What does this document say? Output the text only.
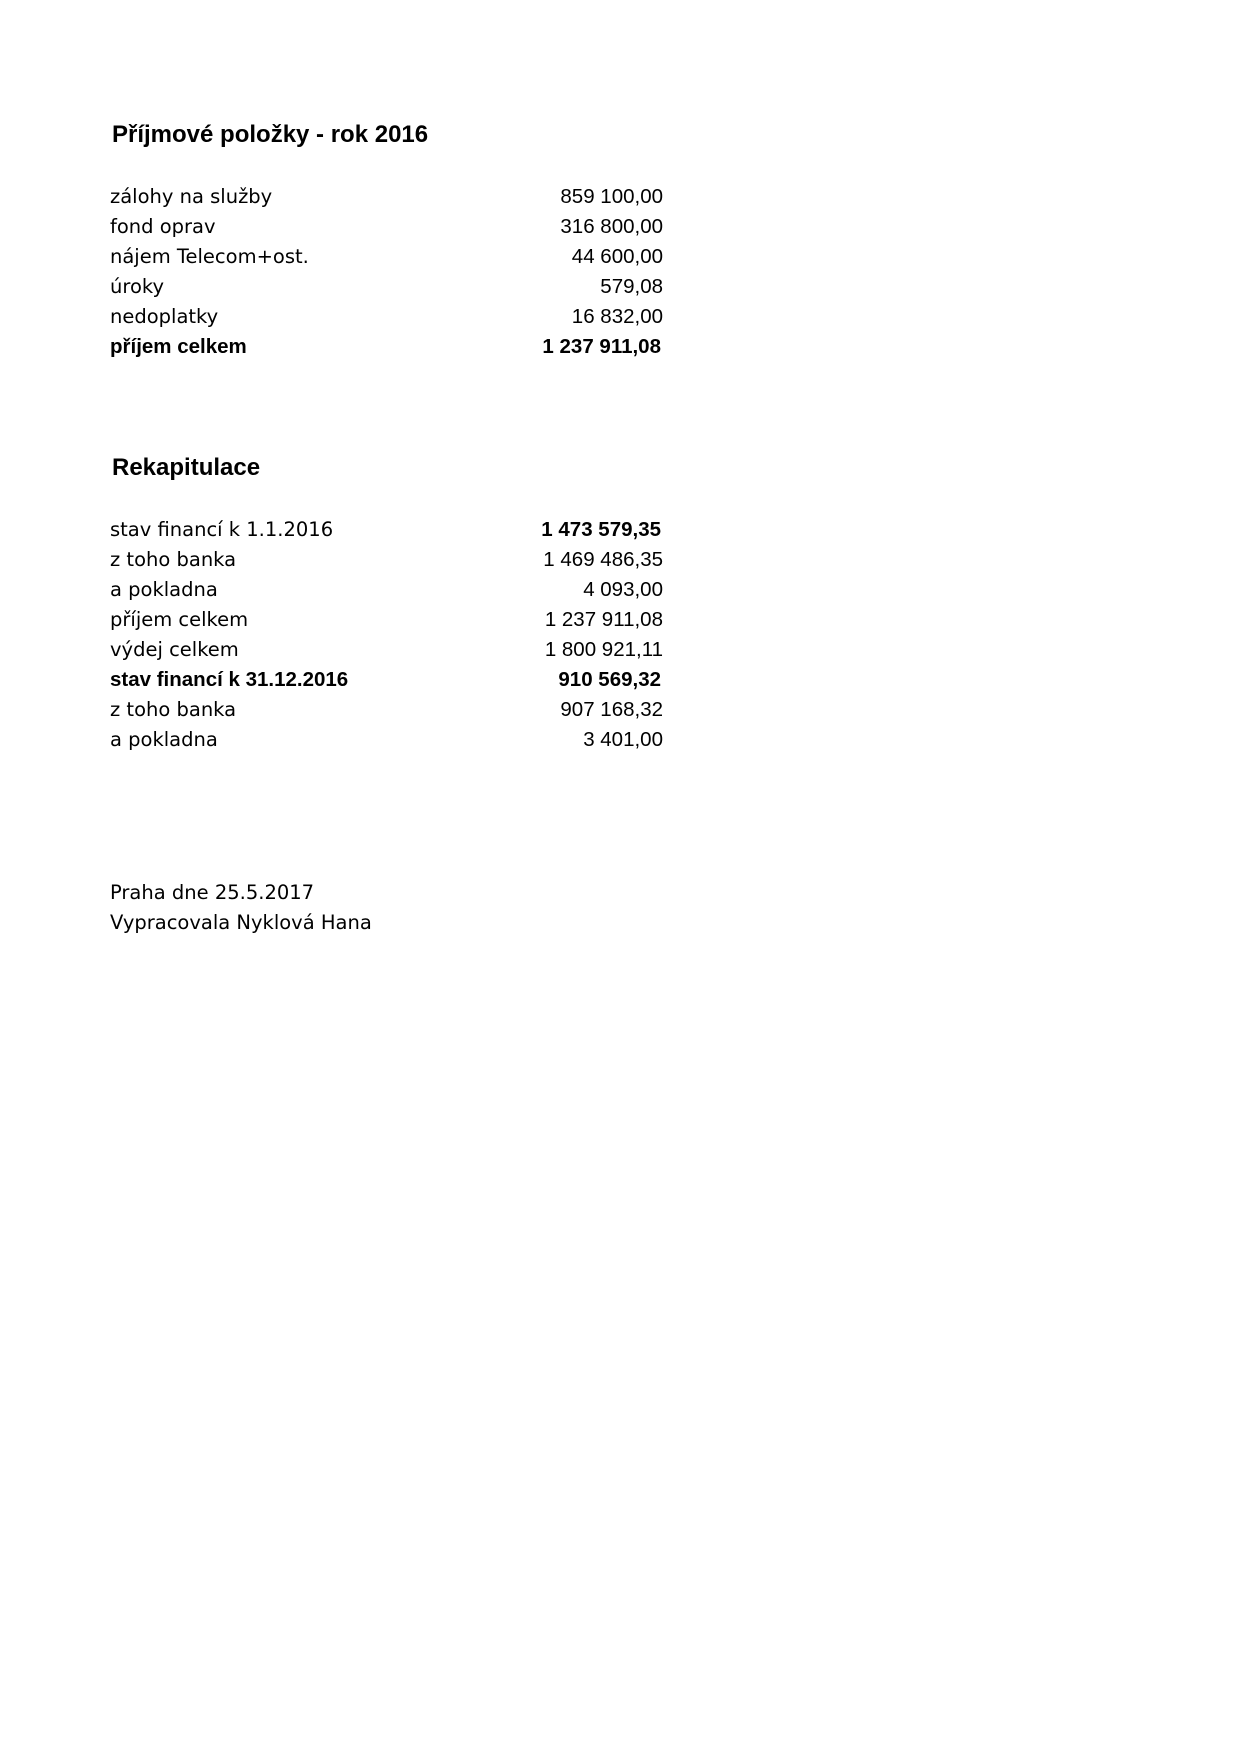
Příjmové položky - rok 2016
zálohy na služby	859 100,00
fond oprav	316 800,00
nájem Telecom+ost.	44 600,00
úroky	579,08
nedoplatky	16 832,00
příjem celkem	1 237 911,08
Rekapitulace
stav financí k 1.1.2016	1 473 579,35
z toho banka	1 469 486,35
a pokladna	4 093,00
příjem celkem	1 237 911,08
výdej celkem	1 800 921,11
stav financí k 31.12.2016	910 569,32
z toho banka	907 168,32
a pokladna	3 401,00
Praha dne 25.5.2017
Vypracovala Nyklová Hana
